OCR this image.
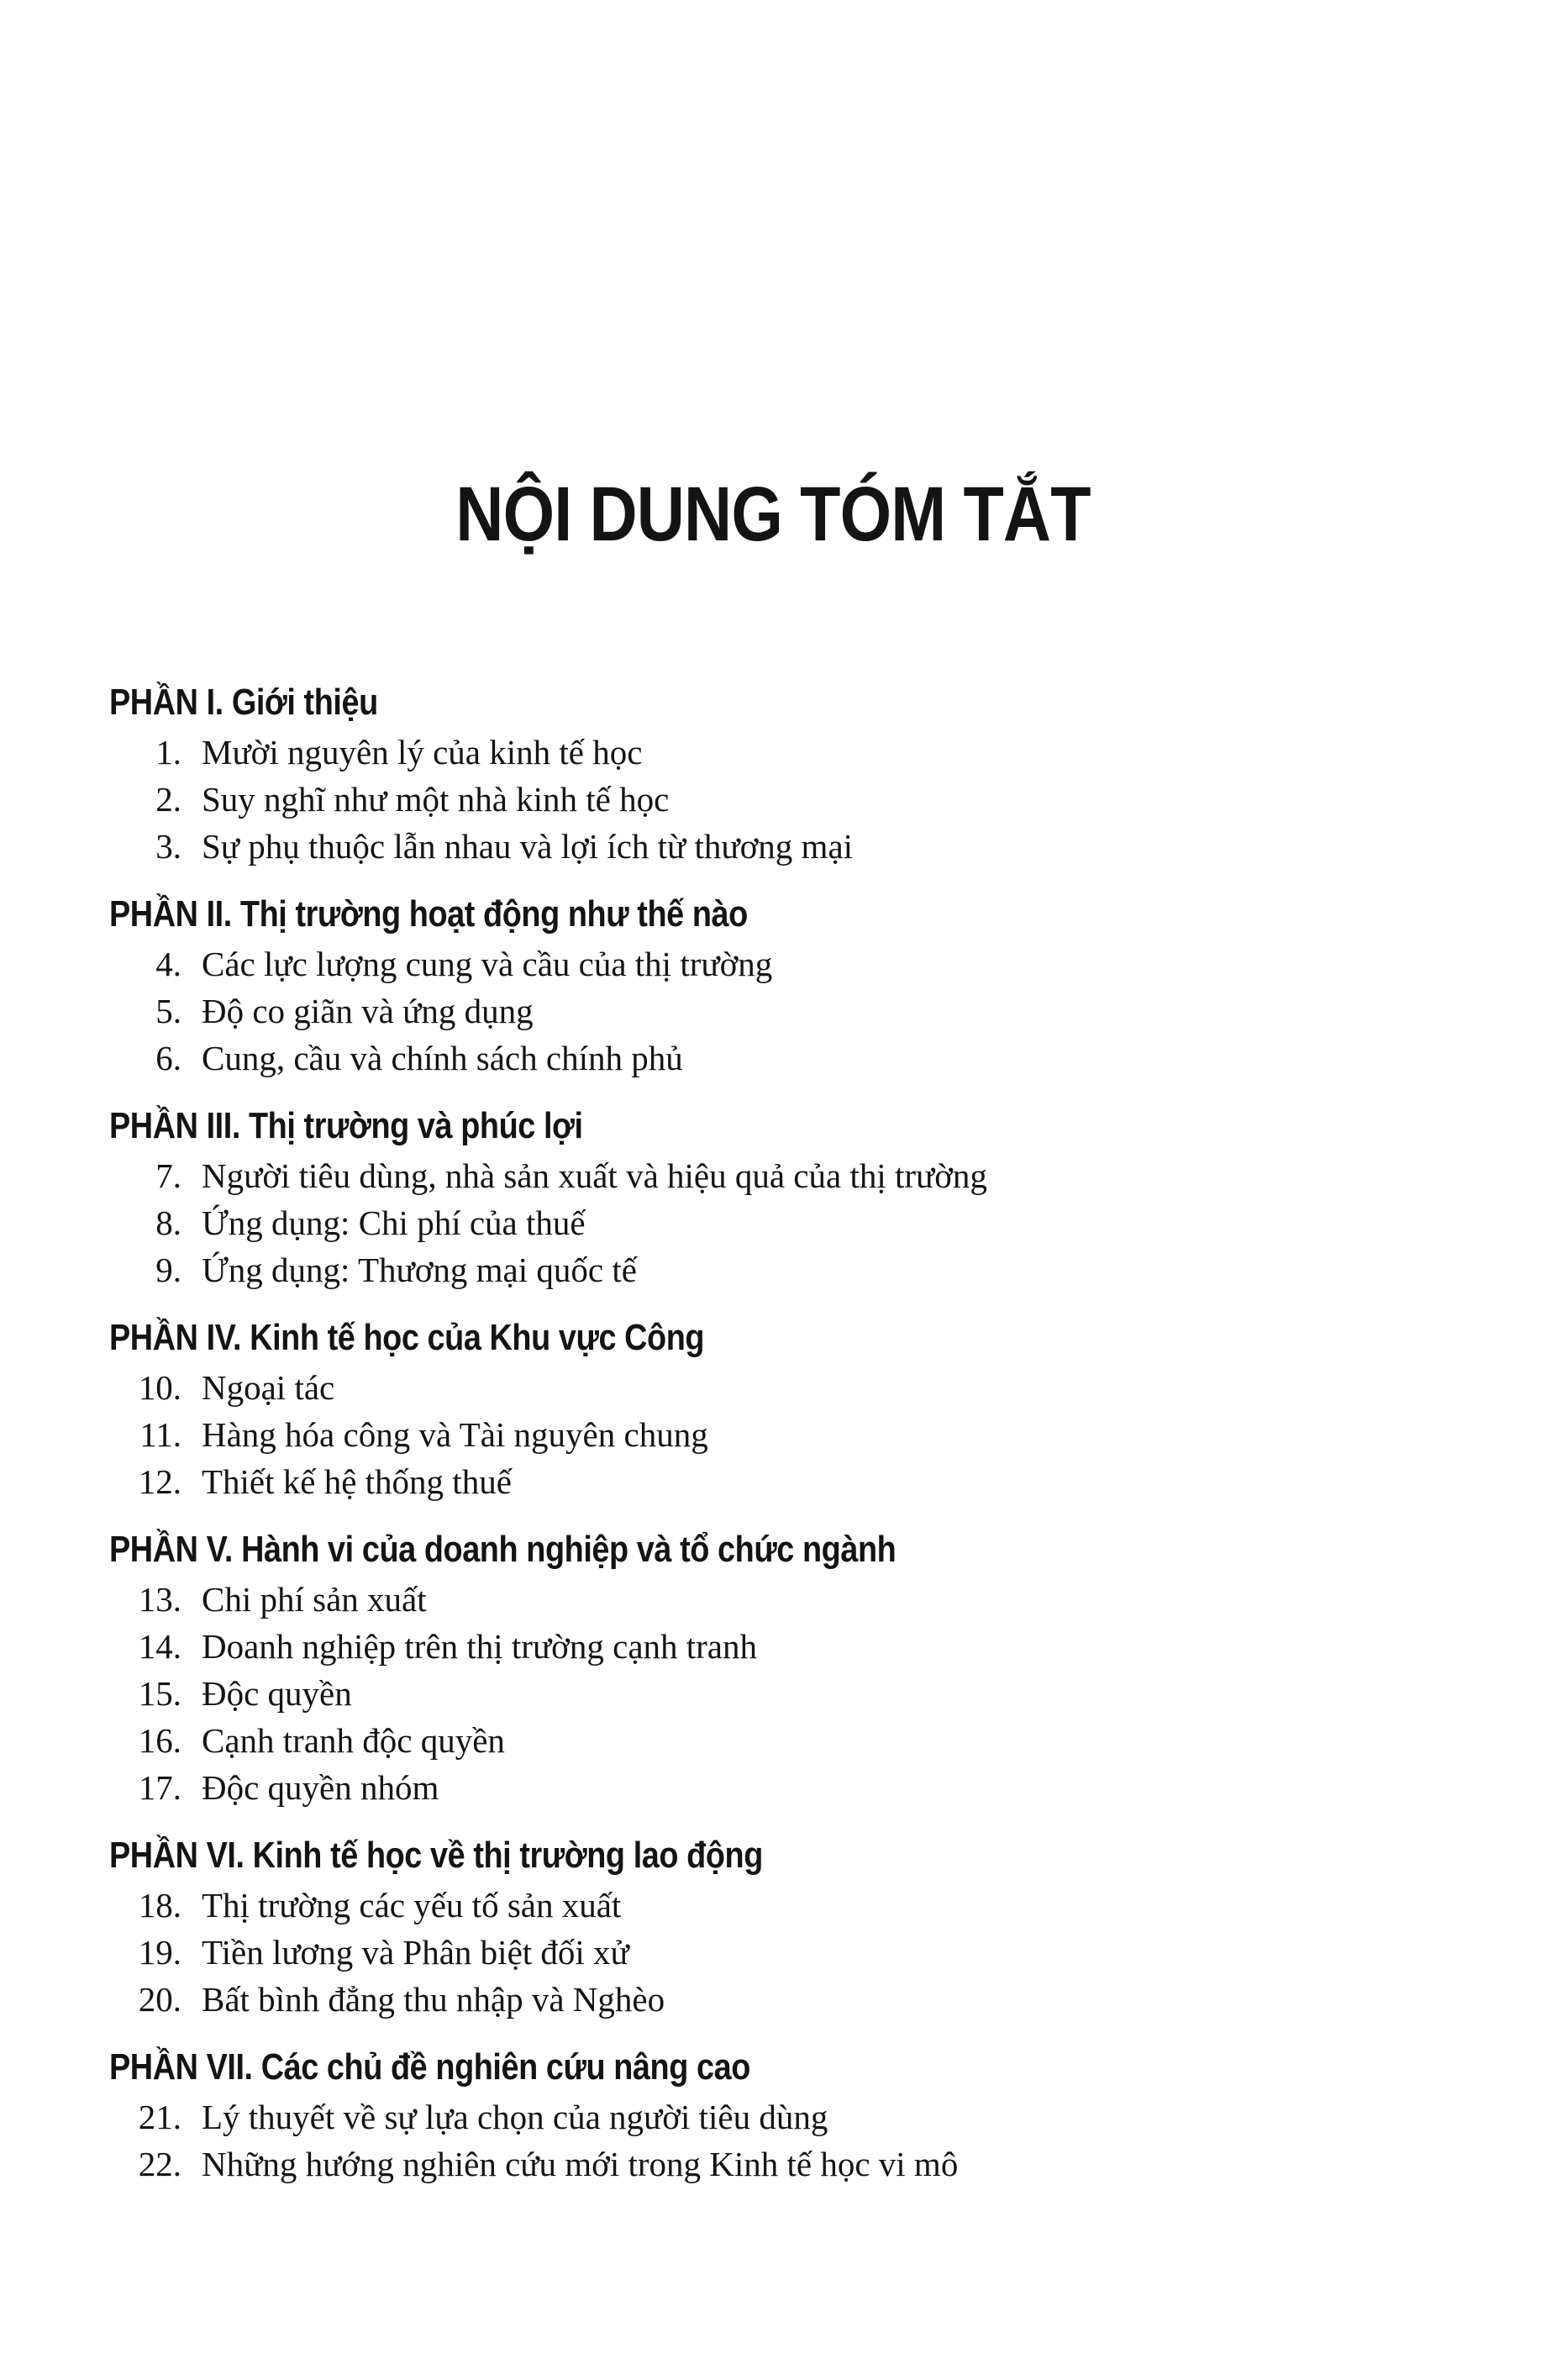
NỘI DUNG TÓM TẮT
PHẦN I. Giới thiệu
1. Mười nguyên lý của kinh tế học
2. Suy nghĩ như một nhà kinh tế học
3. Sự phụ thuộc lẫn nhau và lợi ích từ thương mại
PHẦN II. Thị trường hoạt động như thế nào
4. Các lực lượng cung và cầu của thị trường
5. Độ co giãn và ứng dụng
6. Cung, cầu và chính sách chính phủ
PHẦN III. Thị trường và phúc lợi
7. Người tiêu dùng, nhà sản xuất và hiệu quả của thị trường
8. Ứng dụng: Chi phí của thuế
9. Ứng dụng: Thương mại quốc tế
PHẦN IV. Kinh tế học của Khu vực Công
10. Ngoại tác
11. Hàng hóa công và Tài nguyên chung
12. Thiết kế hệ thống thuế
PHẦN V. Hành vi của doanh nghiệp và tổ chức ngành
13. Chi phí sản xuất
14. Doanh nghiệp trên thị trường cạnh tranh
15. Độc quyền
16. Cạnh tranh độc quyền
17. Độc quyền nhóm
PHẦN VI. Kinh tế học về thị trường lao động
18. Thị trường các yếu tố sản xuất
19. Tiền lương và Phân biệt đối xử
20. Bất bình đẳng thu nhập và Nghèo
PHẦN VII. Các chủ đề nghiên cứu nâng cao
21. Lý thuyết về sự lựa chọn của người tiêu dùng
22. Những hướng nghiên cứu mới trong Kinh tế học vi mô
